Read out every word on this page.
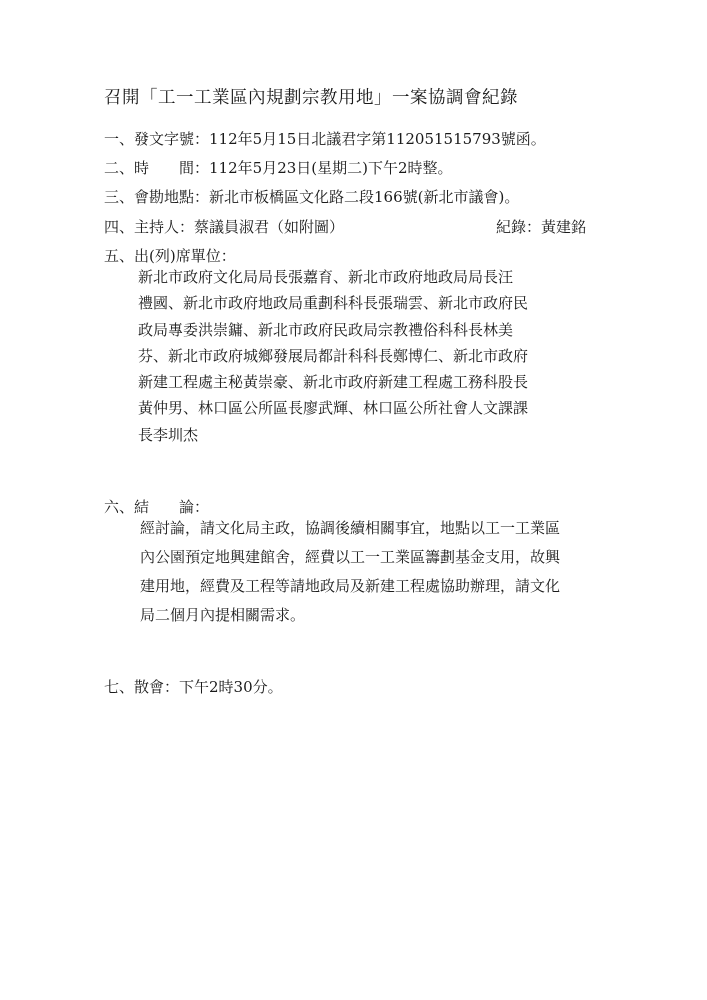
召開「工一工業區內規劃宗教用地」一案協調會紀錄
一、發文字號：112年5月15日北議君字第112051515793號函。
二、時　　間：112年5月23日(星期二)下午2時整。
三、會勘地點：新北市板橋區文化路二段166號(新北市議會)。
四、主持人：蔡議員淑君（如附圖）	紀錄：黃建銘
五、出(列)席單位：

新北市政府文化局局長張䕒育、新北市政府地政局局長汪

禮國、新北市政府地政局重劃科科長張瑞雲、新北市政府民

政局專委洪崇鏞、新北市政府民政局宗教禮俗科科長林美

芬、新北市政府城鄉發展局都計科科長鄭博仁、新北市政府

新建工程處主秘黃崇豪、新北市政府新建工程處工務科股長

黃仲男、林口區公所區長廖武輝、林口區公所社會人文課課

長李圳杰

六、結　　論：

經討論，請文化局主政，協調後續相關事宜，地點以工一工業區

內公園預定地興建館舍，經費以工一工業區籌劃基金支用，故興

建用地，經費及工程等請地政局及新建工程處協助辦理，請文化

局二個月內提相關需求。

七、散會：下午2時30分。
